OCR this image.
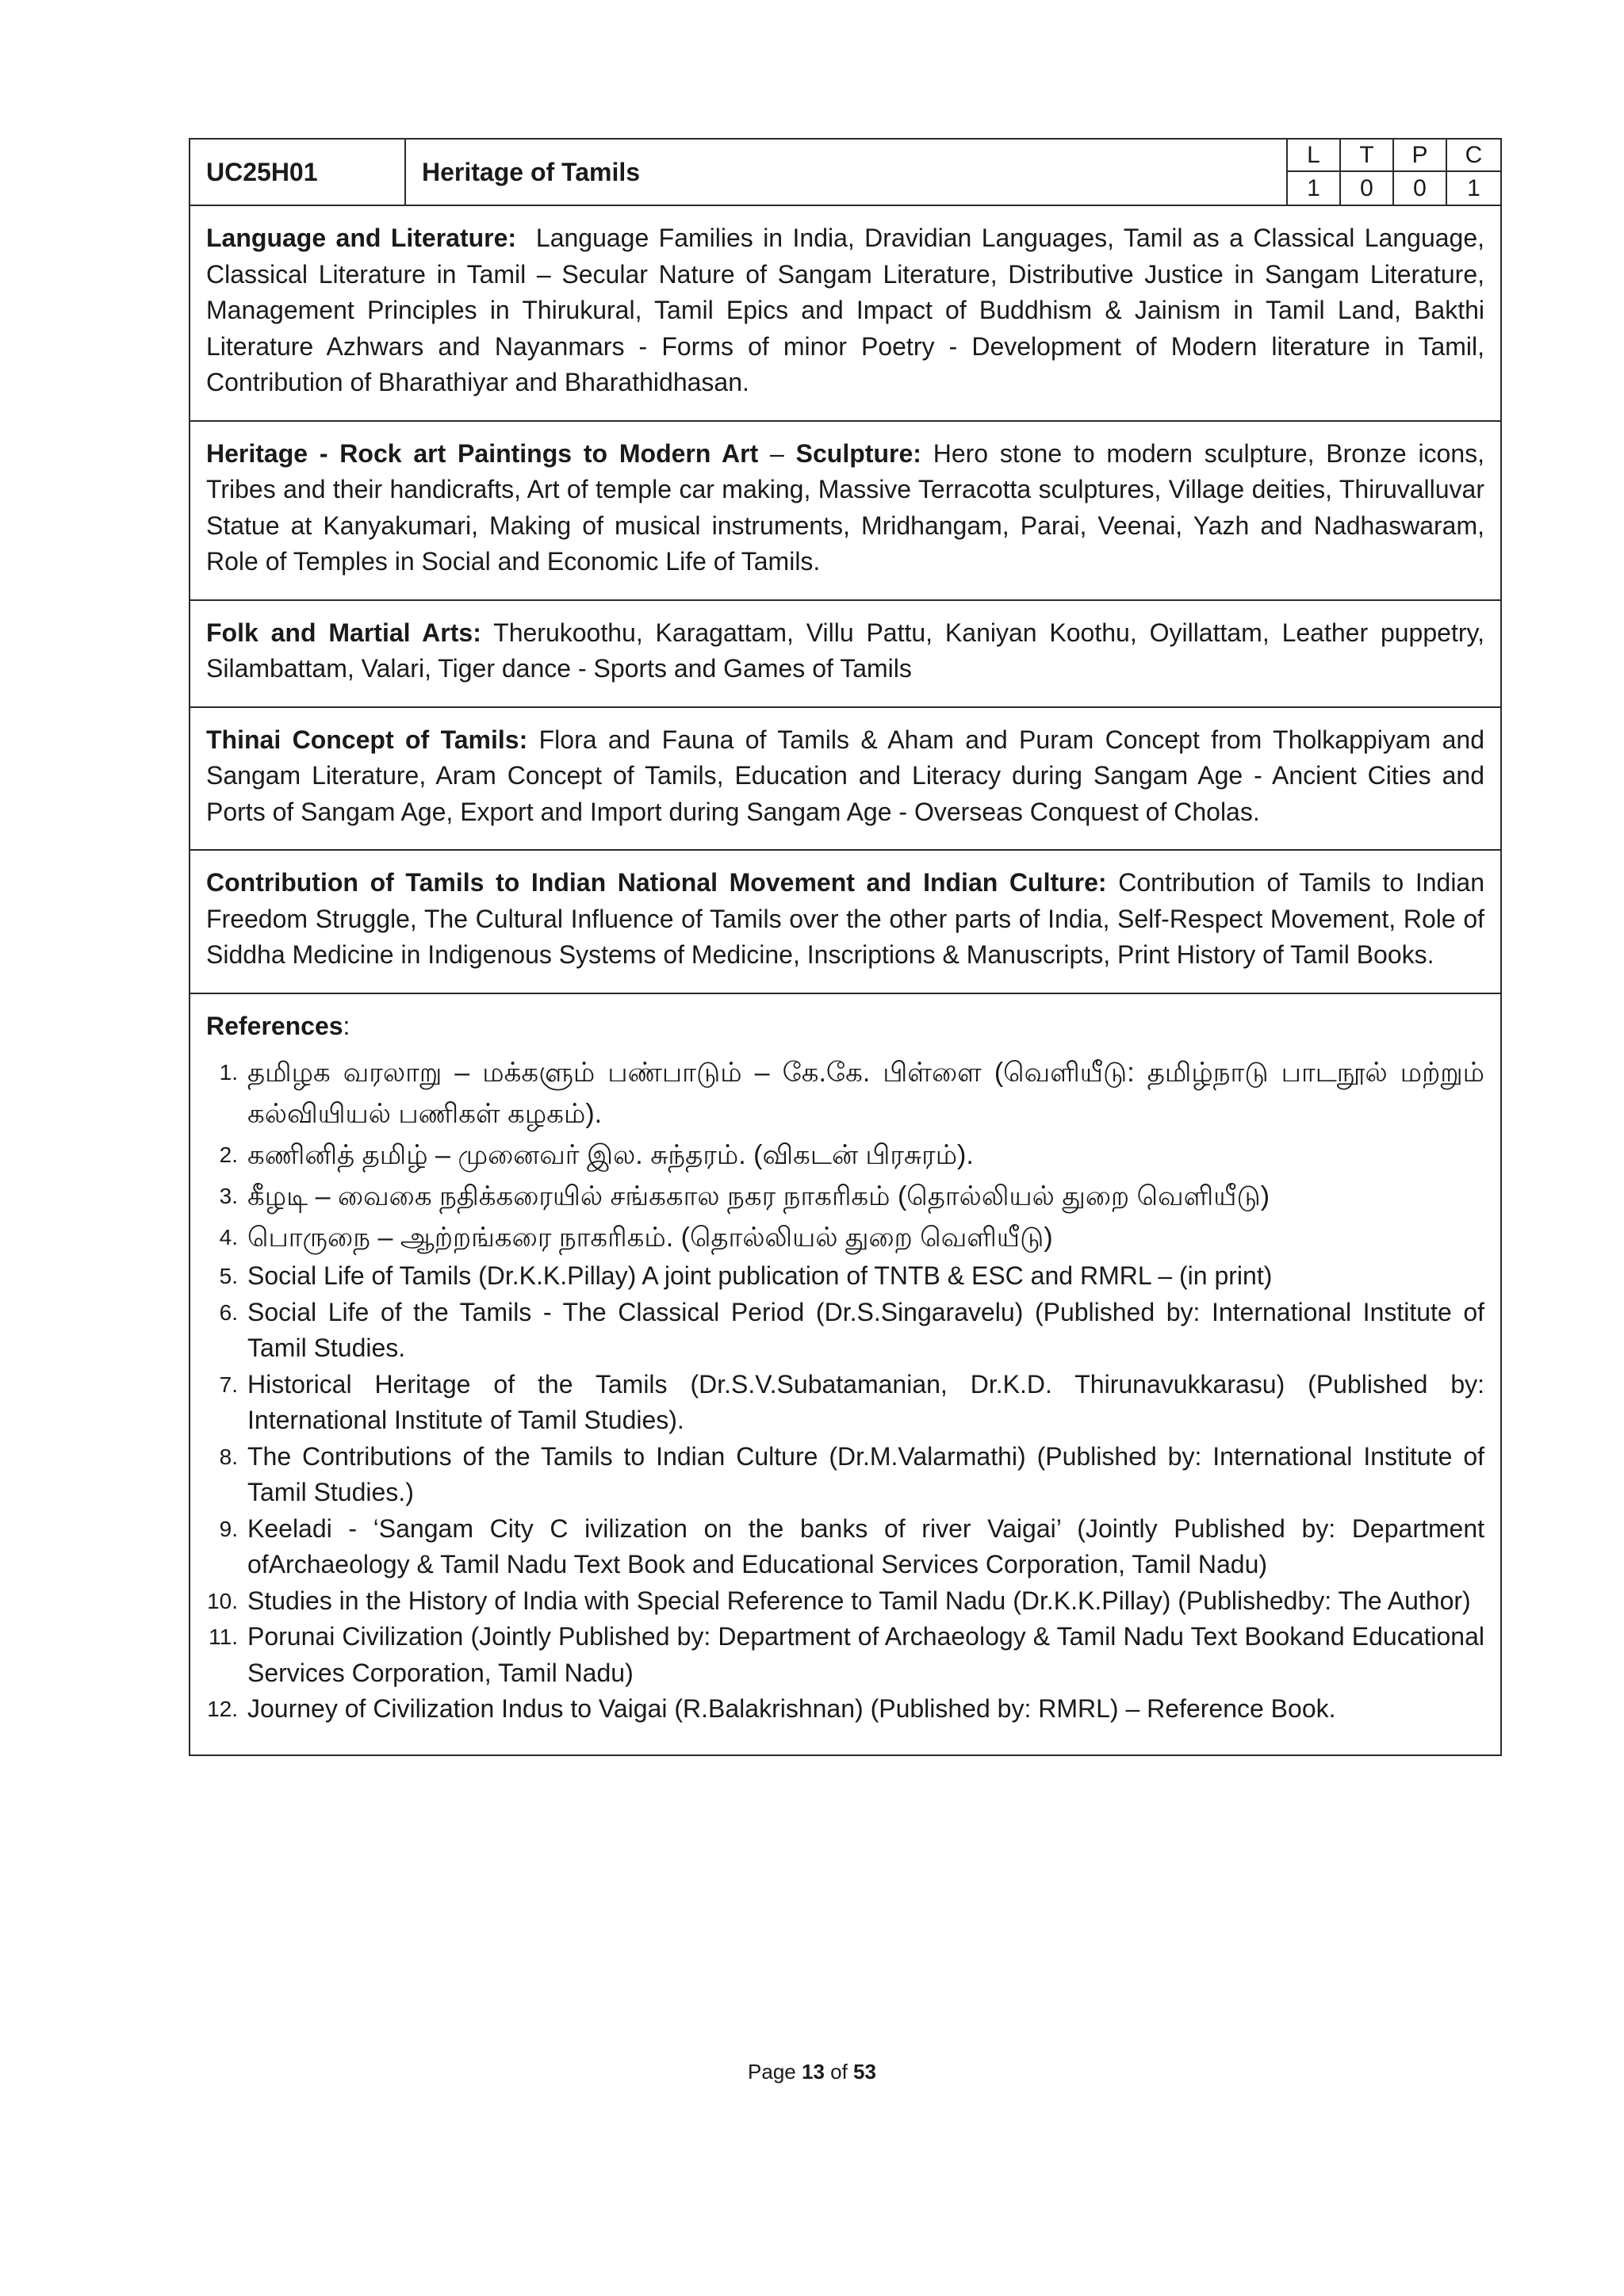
UC25H01	Heritage of Tamils
L	T	P	C
1	0	0	1
Language and Literature: Language Families in India, Dravidian Languages, Tamil as a Classical Language, Classical Literature in Tamil – Secular Nature of Sangam Literature, Distributive Justice in Sangam Literature, Management Principles in Thirukural, Tamil Epics and Impact of Buddhism & Jainism in Tamil Land, Bakthi Literature Azhwars and Nayanmars - Forms of minor Poetry - Development of Modern literature in Tamil, Contribution of Bharathiyar and Bharathidhasan.
Heritage - Rock art Paintings to Modern Art – Sculpture: Hero stone to modern sculpture, Bronze icons, Tribes and their handicrafts, Art of temple car making, Massive Terracotta sculptures, Village deities, Thiruvalluvar Statue at Kanyakumari, Making of musical instruments, Mridhangam, Parai, Veenai, Yazh and Nadhaswaram, Role of Temples in Social and Economic Life of Tamils.
Folk and Martial Arts: Therukoothu, Karagattam, Villu Pattu, Kaniyan Koothu, Oyillattam, Leather puppetry, Silambattam, Valari, Tiger dance - Sports and Games of Tamils
Thinai Concept of Tamils: Flora and Fauna of Tamils & Aham and Puram Concept from Tholkappiyam and Sangam Literature, Aram Concept of Tamils, Education and Literacy during Sangam Age - Ancient Cities and Ports of Sangam Age, Export and Import during Sangam Age - Overseas Conquest of Cholas.
Contribution of Tamils to Indian National Movement and Indian Culture: Contribution of Tamils to Indian Freedom Struggle, The Cultural Influence of Tamils over the other parts of India, Self-Respect Movement, Role of Siddha Medicine in Indigenous Systems of Medicine, Inscriptions & Manuscripts, Print History of Tamil Books.
References:
1. தமிழக வரலாறு – மக்களும் பண்பாடும் – கே.கே. பிள்ளை (வெளியீடு: தமிழ்நாடு பாடநூல் மற்றும் கல்வியியல் பணிகள் கழகம்).
2. கணினித் தமிழ் – முனைவர் இல. சுந்தரம். (விகடன் பிரசுரம்).
3. கீழடி – வைகை நதிக்கரையில் சங்ககால நகர நாகரிகம் (தொல்லியல் துறை வெளியீடு)
4. பொருநை – ஆற்றங்கரை நாகரிகம். (தொல்லியல் துறை வெளியீடு)
5. Social Life of Tamils (Dr.K.K.Pillay) A joint publication of TNTB & ESC and RMRL – (in print)
6. Social Life of the Tamils - The Classical Period (Dr.S.Singaravelu) (Published by: International Institute of Tamil Studies.
7. Historical Heritage of the Tamils (Dr.S.V.Subatamanian, Dr.K.D. Thirunavukkarasu) (Published by: International Institute of Tamil Studies).
8. The Contributions of the Tamils to Indian Culture (Dr.M.Valarmathi) (Published by: International Institute of Tamil Studies.)
9. Keeladi - ‘Sangam City C ivilization on the banks of river Vaigai’ (Jointly Published by: Department ofArchaeology & Tamil Nadu Text Book and Educational Services Corporation, Tamil Nadu)
10. Studies in the History of India with Special Reference to Tamil Nadu (Dr.K.K.Pillay) (Publishedby: The Author)
11. Porunai Civilization (Jointly Published by: Department of Archaeology & Tamil Nadu Text Bookand Educational Services Corporation, Tamil Nadu)
12. Journey of Civilization Indus to Vaigai (R.Balakrishnan) (Published by: RMRL) – Reference Book.
Page 13 of 53
